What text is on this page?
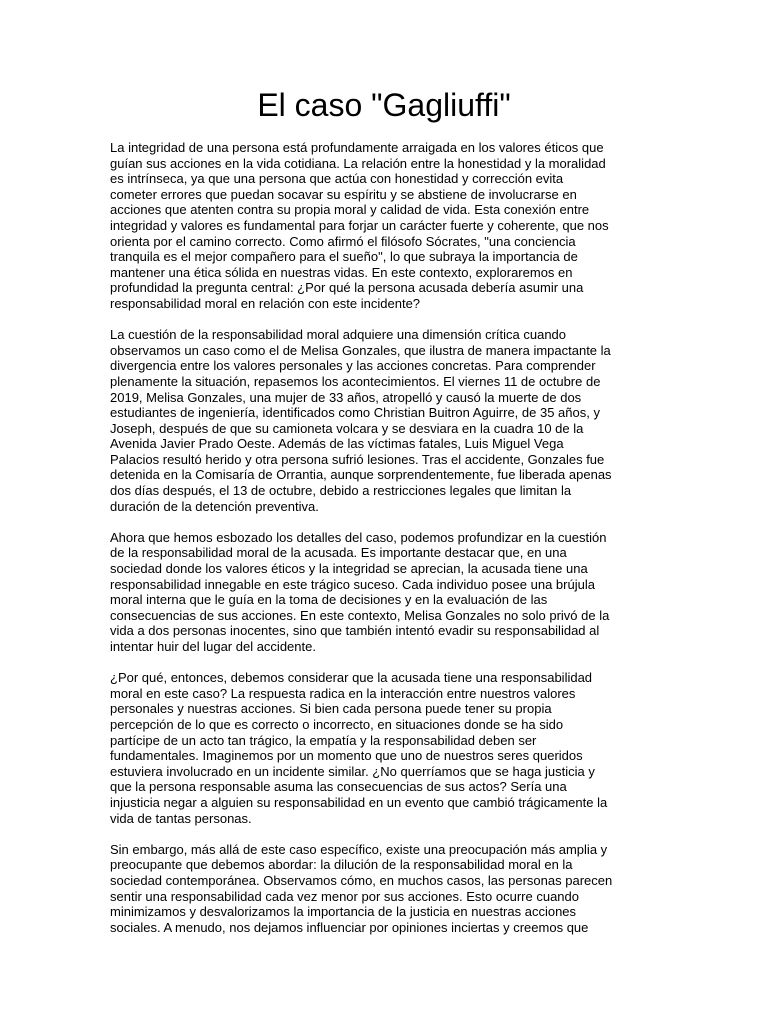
El caso "Gagliuffi"

La integridad de una persona está profundamente arraigada en los valores éticos que
guían sus acciones en la vida cotidiana. La relación entre la honestidad y la moralidad
es intrínseca, ya que una persona que actúa con honestidad y corrección evita
cometer errores que puedan socavar su espíritu y se abstiene de involucrarse en
acciones que atenten contra su propia moral y calidad de vida. Esta conexión entre
integridad y valores es fundamental para forjar un carácter fuerte y coherente, que nos
orienta por el camino correcto. Como afirmó el filósofo Sócrates, "una conciencia
tranquila es el mejor compañero para el sueño", lo que subraya la importancia de
mantener una ética sólida en nuestras vidas. En este contexto, exploraremos en
profundidad la pregunta central: ¿Por qué la persona acusada debería asumir una
responsabilidad moral en relación con este incidente?

La cuestión de la responsabilidad moral adquiere una dimensión crítica cuando
observamos un caso como el de Melisa Gonzales, que ilustra de manera impactante la
divergencia entre los valores personales y las acciones concretas. Para comprender
plenamente la situación, repasemos los acontecimientos. El viernes 11 de octubre de
2019, Melisa Gonzales, una mujer de 33 años, atropelló y causó la muerte de dos
estudiantes de ingeniería, identificados como Christian Buitron Aguirre, de 35 años, y
Joseph, después de que su camioneta volcara y se desviara en la cuadra 10 de la
Avenida Javier Prado Oeste. Además de las víctimas fatales, Luis Miguel Vega
Palacios resultó herido y otra persona sufrió lesiones. Tras el accidente, Gonzales fue
detenida en la Comisaría de Orrantia, aunque sorprendentemente, fue liberada apenas
dos días después, el 13 de octubre, debido a restricciones legales que limitan la
duración de la detención preventiva.

Ahora que hemos esbozado los detalles del caso, podemos profundizar en la cuestión
de la responsabilidad moral de la acusada. Es importante destacar que, en una
sociedad donde los valores éticos y la integridad se aprecian, la acusada tiene una
responsabilidad innegable en este trágico suceso. Cada individuo posee una brújula
moral interna que le guía en la toma de decisiones y en la evaluación de las
consecuencias de sus acciones. En este contexto, Melisa Gonzales no solo privó de la
vida a dos personas inocentes, sino que también intentó evadir su responsabilidad al
intentar huir del lugar del accidente.

¿Por qué, entonces, debemos considerar que la acusada tiene una responsabilidad
moral en este caso? La respuesta radica en la interacción entre nuestros valores
personales y nuestras acciones. Si bien cada persona puede tener su propia
percepción de lo que es correcto o incorrecto, en situaciones donde se ha sido
partícipe de un acto tan trágico, la empatía y la responsabilidad deben ser
fundamentales. Imaginemos por un momento que uno de nuestros seres queridos
estuviera involucrado en un incidente similar. ¿No querríamos que se haga justicia y
que la persona responsable asuma las consecuencias de sus actos? Sería una
injusticia negar a alguien su responsabilidad en un evento que cambió trágicamente la
vida de tantas personas.

Sin embargo, más allá de este caso específico, existe una preocupación más amplia y
preocupante que debemos abordar: la dilución de la responsabilidad moral en la
sociedad contemporánea. Observamos cómo, en muchos casos, las personas parecen
sentir una responsabilidad cada vez menor por sus acciones. Esto ocurre cuando
minimizamos y desvalorizamos la importancia de la justicia en nuestras acciones
sociales. A menudo, nos dejamos influenciar por opiniones inciertas y creemos que
